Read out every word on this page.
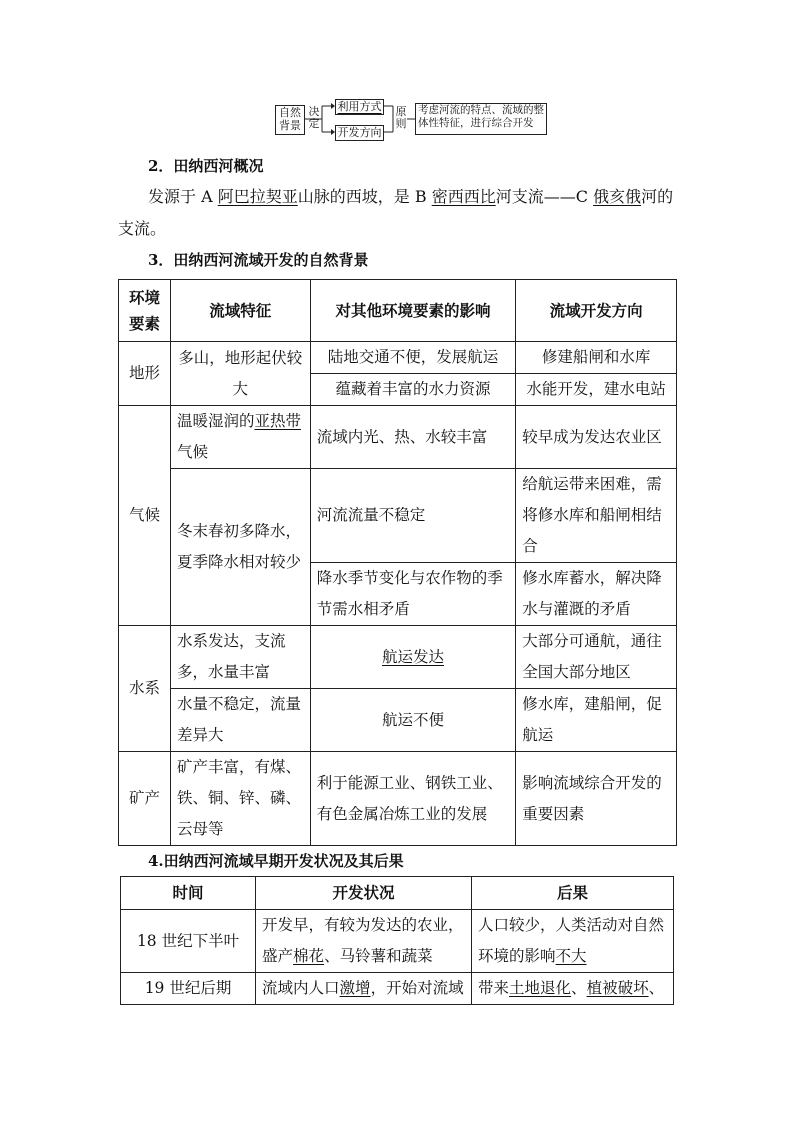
自然
背景
决
定
利用方式
开发方向
原
则
考虑河流的特点、流域的整
体性特征，进行综合开发
2．田纳西河概况
发源于 A 阿巴拉契亚山脉的西坡，是 B 密西西比河支流——C 俄亥俄河的
支流。
3．田纳西河流域开发的自然背景
环境要素	流域特征	对其他环境要素的影响	流域开发方向
地形	多山，地形起伏较大	陆地交通不便，发展航运	修建船闸和水库
		蕴藏着丰富的水力资源	水能开发，建水电站
气候	温暖湿润的亚热带气候	流域内光、热、水较丰富	较早成为发达农业区
	冬末春初多降水，夏季降水相对较少	河流流量不稳定	给航运带来困难，需将修水库和船闸相结合
		降水季节变化与农作物的季节需水相矛盾	修水库蓄水，解决降水与灌溉的矛盾
水系	水系发达，支流多，水量丰富	航运发达	大部分可通航，通往全国大部分地区
	水量不稳定，流量差异大	航运不便	修水库，建船闸，促航运
矿产	矿产丰富，有煤、铁、铜、锌、磷、云母等	利于能源工业、钢铁工业、有色金属冶炼工业的发展	影响流域综合开发的重要因素
4.田纳西河流域早期开发状况及其后果
时间	开发状况	后果
18 世纪下半叶	开发早，有较为发达的农业，盛产棉花、马铃薯和蔬菜	人口较少，人类活动对自然环境的影响不大
19 世纪后期	流域内人口激增，开始对流域	带来土地退化、植被破坏、
